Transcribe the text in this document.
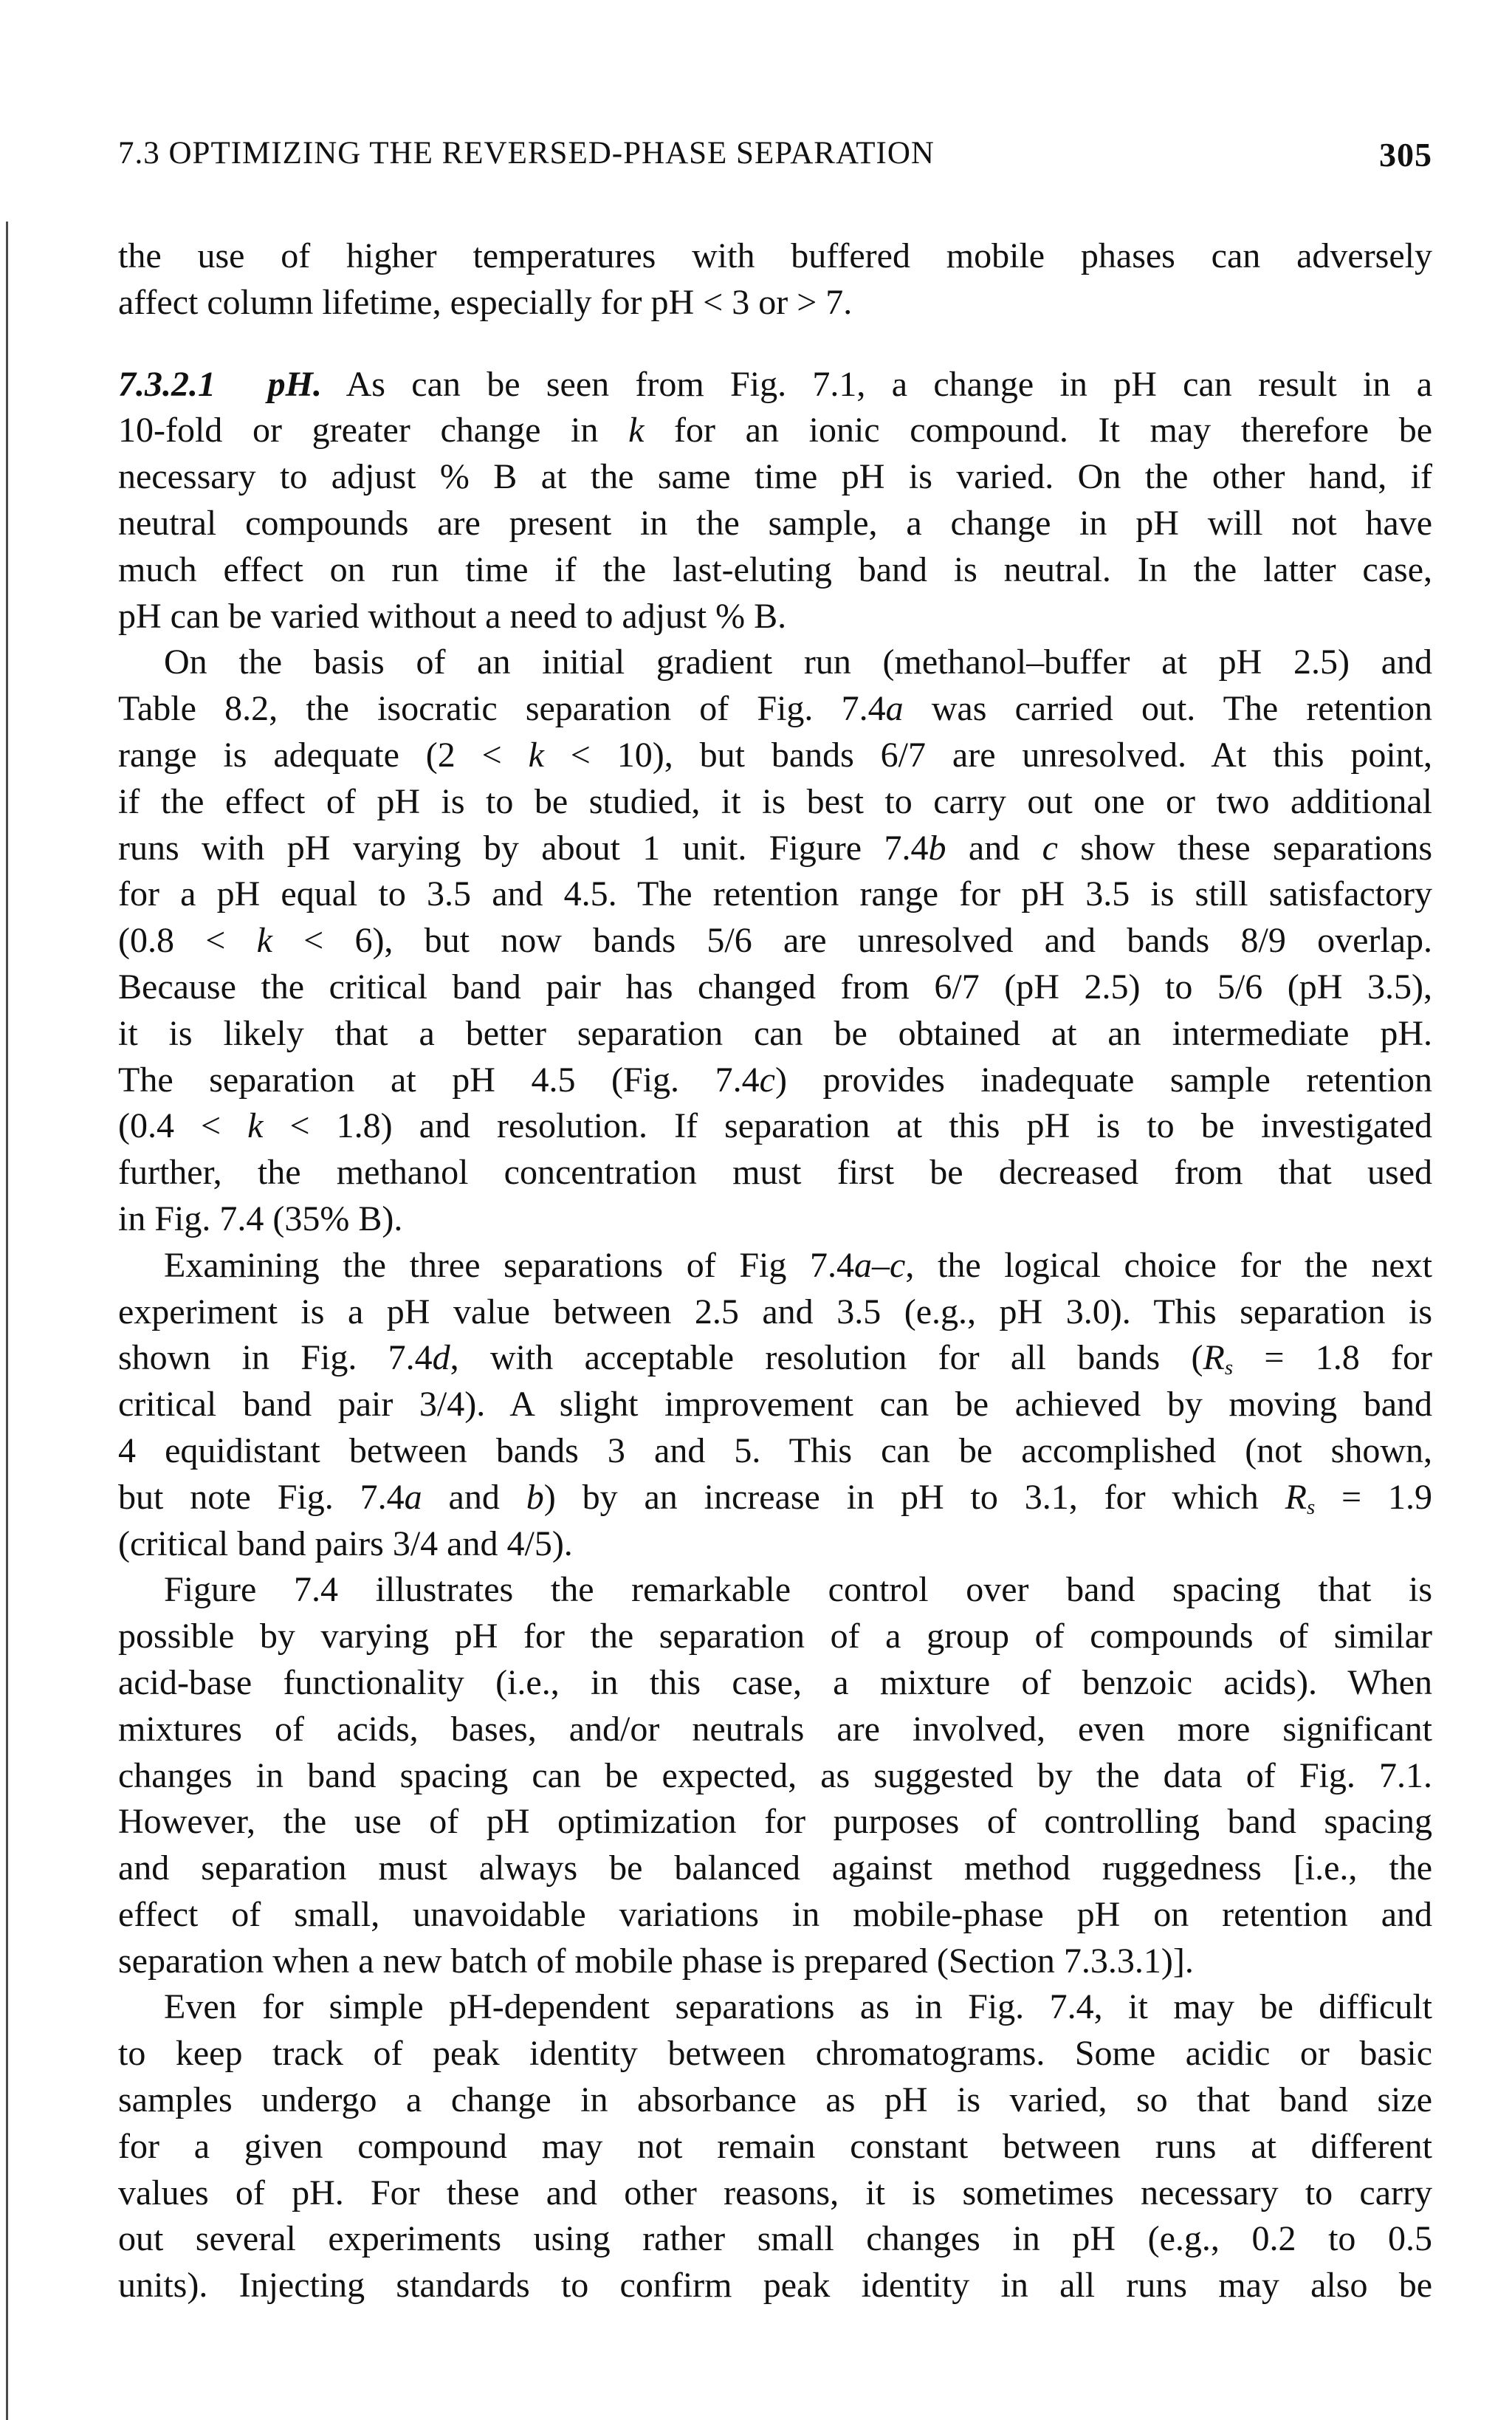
7.3 OPTIMIZING THE REVERSED-PHASE SEPARATION	305
the use of higher temperatures with buffered mobile phases can adversely
affect column lifetime, especially for pH < 3 or > 7.
7.3.2.1  pH. As can be seen from Fig. 7.1, a change in pH can result in a
10-fold or greater change in k for an ionic compound. It may therefore be
necessary to adjust % B at the same time pH is varied. On the other hand, if
neutral compounds are present in the sample, a change in pH will not have
much effect on run time if the last-eluting band is neutral. In the latter case,
pH can be varied without a need to adjust % B.
On the basis of an initial gradient run (methanol–buffer at pH 2.5) and
Table 8.2, the isocratic separation of Fig. 7.4a was carried out. The retention
range is adequate (2 < k < 10), but bands 6/7 are unresolved. At this point,
if the effect of pH is to be studied, it is best to carry out one or two additional
runs with pH varying by about 1 unit. Figure 7.4b and c show these separations
for a pH equal to 3.5 and 4.5. The retention range for pH 3.5 is still satisfactory
(0.8 < k < 6), but now bands 5/6 are unresolved and bands 8/9 overlap.
Because the critical band pair has changed from 6/7 (pH 2.5) to 5/6 (pH 3.5),
it is likely that a better separation can be obtained at an intermediate pH.
The separation at pH 4.5 (Fig. 7.4c) provides inadequate sample retention
(0.4 < k < 1.8) and resolution. If separation at this pH is to be investigated
further, the methanol concentration must first be decreased from that used
in Fig. 7.4 (35% B).
Examining the three separations of Fig 7.4a–c, the logical choice for the next
experiment is a pH value between 2.5 and 3.5 (e.g., pH 3.0). This separation is
shown in Fig. 7.4d, with acceptable resolution for all bands ($R_s = 1.8$ for
critical band pair 3/4). A slight improvement can be achieved by moving band
4 equidistant between bands 3 and 5. This can be accomplished (not shown,
but note Fig. 7.4a and b) by an increase in pH to 3.1, for which $R_s = 1.9$
(critical band pairs 3/4 and 4/5).
Figure 7.4 illustrates the remarkable control over band spacing that is
possible by varying pH for the separation of a group of compounds of similar
acid-base functionality (i.e., in this case, a mixture of benzoic acids). When
mixtures of acids, bases, and/or neutrals are involved, even more significant
changes in band spacing can be expected, as suggested by the data of Fig. 7.1.
However, the use of pH optimization for purposes of controlling band spacing
and separation must always be balanced against method ruggedness [i.e., the
effect of small, unavoidable variations in mobile-phase pH on retention and
separation when a new batch of mobile phase is prepared (Section 7.3.3.1)].
Even for simple pH-dependent separations as in Fig. 7.4, it may be difficult
to keep track of peak identity between chromatograms. Some acidic or basic
samples undergo a change in absorbance as pH is varied, so that band size
for a given compound may not remain constant between runs at different
values of pH. For these and other reasons, it is sometimes necessary to carry
out several experiments using rather small changes in pH (e.g., 0.2 to 0.5
units). Injecting standards to confirm peak identity in all runs may also be
